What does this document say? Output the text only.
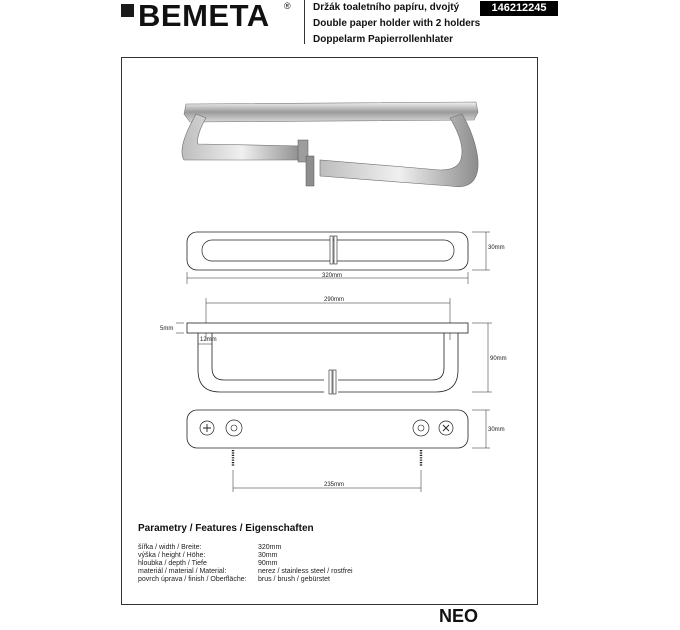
BEMETA ® Držák toaletního papíru, dvojtý
Double paper holder with 2 holders
Doppelarm Papierrollenhlater
146212245
30mm
320mm
290mm
5mm
12mm
90mm
30mm
235mm
Parametry / Features / Eigenschaften
šířka / width / Breite:	320mm
výška / height / Höhe:	30mm
hloubka / depth / Tiefe	90mm
materiál / material / Material:	nerez / stainless steel / rostfrei
povrch úprava / finish / Oberfläche: brus / brush / gebürstet
NEO
